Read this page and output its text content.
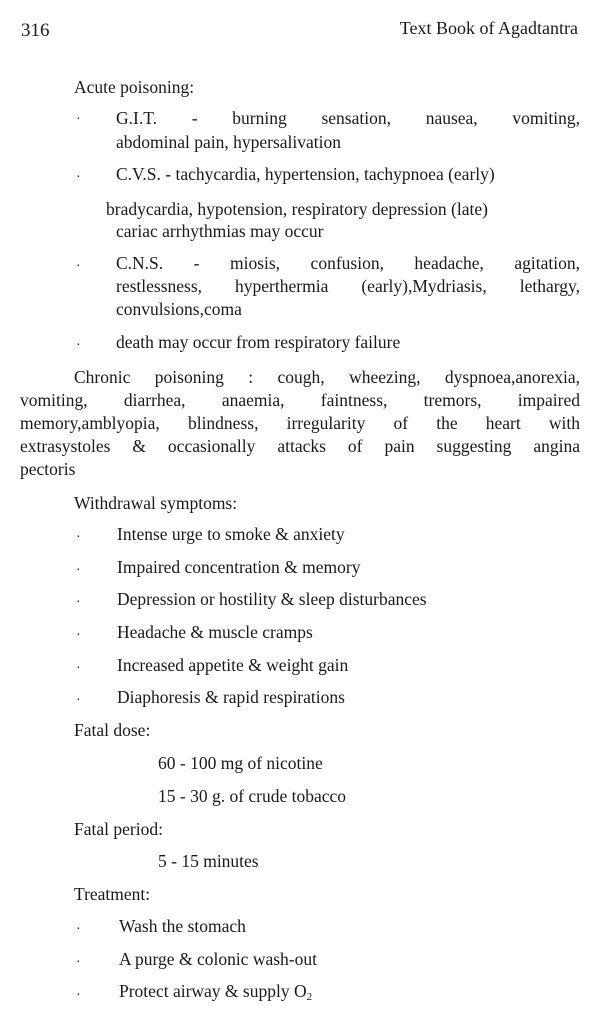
316	Text Book of Agadtantra
Acute poisoning:
· G.I.T. - burning sensation, nausea, vomiting,
abdominal pain, hypersalivation
· C.V.S. - tachycardia, hypertension, tachypnoea (early)
bradycardia, hypotension, respiratory depression (late)
cariac arrhythmias may occur
· C.N.S. - miosis, confusion, headache, agitation,
restlessness, hyperthermia (early),Mydriasis, lethargy,
convulsions,coma
· death may occur from respiratory failure
Chronic poisoning : cough, wheezing, dyspnoea,anorexia,
vomiting, diarrhea, anaemia, faintness, tremors, impaired
memory,amblyopia, blindness, irregularity of the heart with
extrasystoles & occasionally attacks of pain suggesting angina
pectoris
Withdrawal symptoms:
· Intense urge to smoke & anxiety
· Impaired concentration & memory
· Depression or hostility & sleep disturbances
· Headache & muscle cramps
· Increased appetite & weight gain
· Diaphoresis & rapid respirations
Fatal dose:
60 - 100 mg of nicotine
15 - 30 g. of crude tobacco
Fatal period:
5 - 15 minutes
Treatment:
· Wash the stomach
· A purge & colonic wash-out
· Protect airway & supply $O_2$
